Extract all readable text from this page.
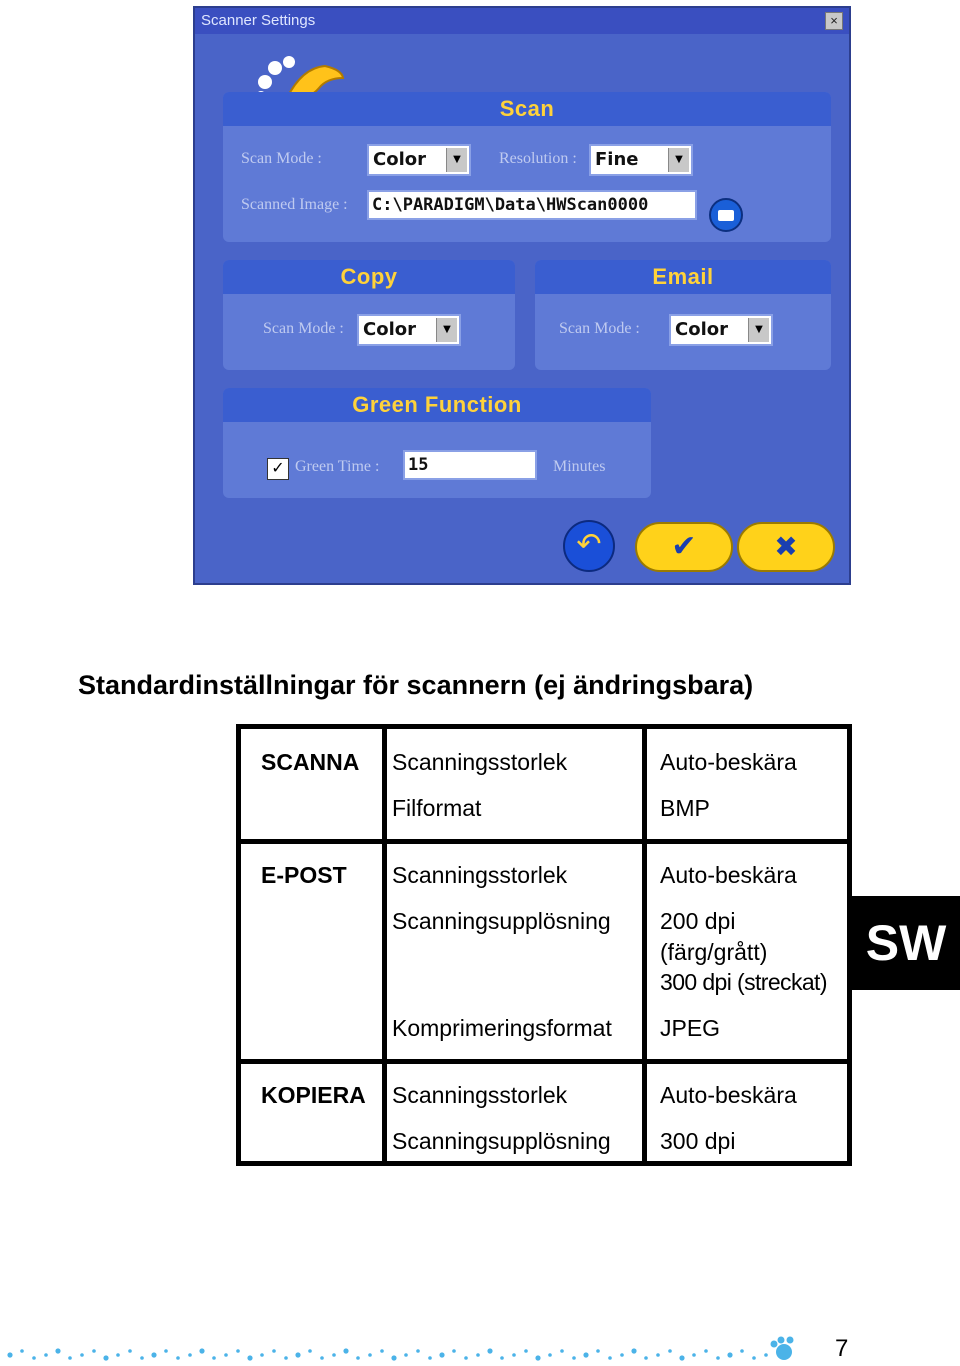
Scanner Settings	×
Scan
Scan Mode :	Color	▼	Resolution :	Fine	▼
Scanned Image : C:\PARADIGM\Data\HWScan0000
Copy
Scan Mode :	Color	▼
Email
Scan Mode :	Color	▼
Green Function
✓ Green Time : 15	Minutes
↶	✔	✖
Standardinställningar för scannern (ej ändringsbara)
SCANNA Scanningsstorlek	Auto-beskära
Filformat	BMP
E-POST Scanningsstorlek	Auto-beskära
Scanningsupplösning 200 dpi
(färg/grått)
300 dpi (streckat)
Komprimeringsformat JPEG
KOPIERA Scanningsstorlek	Auto-beskära
Scanningsupplösning 300 dpi
SW
7
